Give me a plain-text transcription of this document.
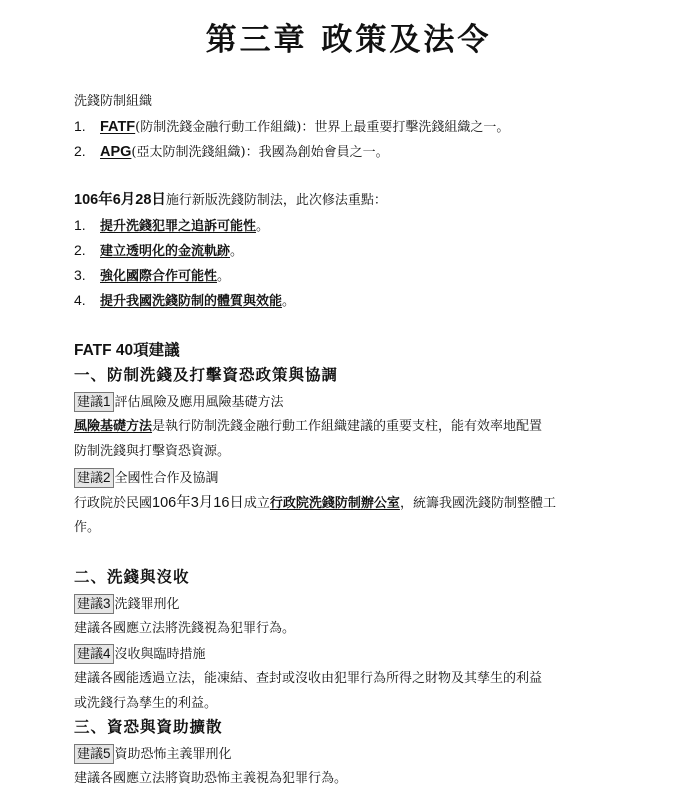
第三章 政策及法令
洗錢防制組織
1. FATF(防制洗錢金融行動工作組織)：世界上最重要打擊洗錢組織之一。
2. APG(亞太防制洗錢組織)：我國為創始會員之一。
106年6月28日施行新版洗錢防制法，此次修法重點：
1. 提升洗錢犯罪之追訴可能性。
2. 建立透明化的金流軌跡。
3. 強化國際合作可能性。
4. 提升我國洗錢防制的體質與效能。
FATF 40項建議
一、防制洗錢及打擊資恐政策與協調
建議1 評估風險及應用風險基礎方法
風險基礎方法是執行防制洗錢金融行動工作組織建議的重要支柱，能有效率地配置
防制洗錢與打擊資恐資源。
建議2 全國性合作及協調
行政院於民國106年3月16日成立行政院洗錢防制辦公室，統籌我國洗錢防制整體工
作。
二、洗錢與沒收
建議3 洗錢罪刑化
建議各國應立法將洗錢視為犯罪行為。
建議4 沒收與臨時措施
建議各國能透過立法，能凍結、查封或沒收由犯罪行為所得之財物及其孳生的利益
或洗錢行為孳生的利益。
三、資恐與資助擴散
建議5 資助恐怖主義罪刑化
建議各國應立法將資助恐怖主義視為犯罪行為。
